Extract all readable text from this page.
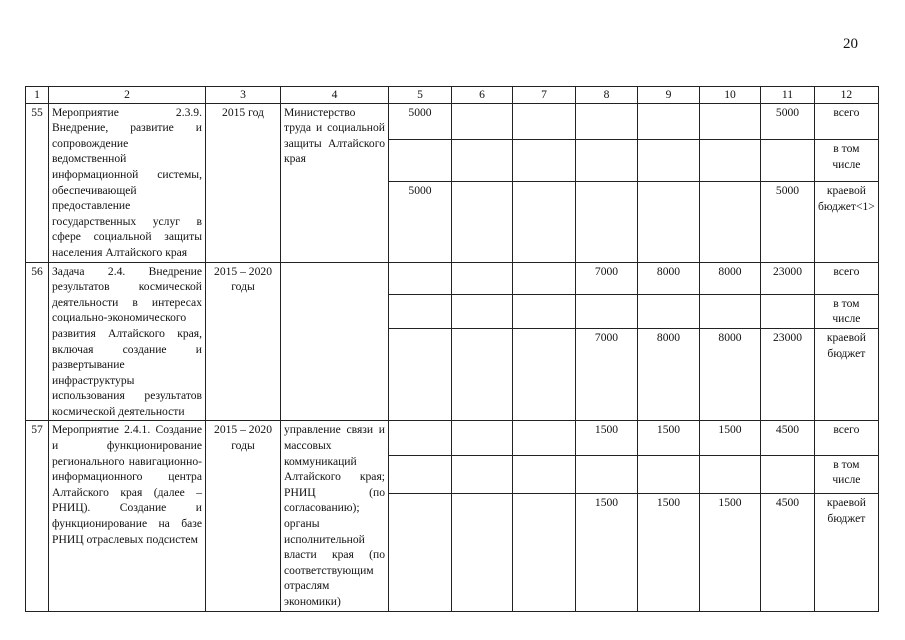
20
1	2	3	4	5	6	7	8	9	10	11	12
55	Мероприятие 2.3.9. Внедрение, развитие и сопровождение ведомственной информационной системы, обеспечивающей предоставление государственных услуг в сфере социальной защиты населения Алтайского края	2015 год	Министерство труда и социальной защиты Алтайского края	5000						5000	всего
											в том числе
				5000						5000	краевой бюджет<1>
56	Задача 2.4. Внедрение результатов космической деятельности в интересах социально-экономического развития Алтайского края, включая создание и развертывание инфраструктуры использования результатов космической деятельности	2015 – 2020 годы					7000	8000	8000	23000	всего
											в том числе
							7000	8000	8000	23000	краевой бюджет
57	Мероприятие 2.4.1. Создание и функционирование регионального навигационно-информационного центра Алтайского края (далее – РНИЦ). Создание и функционирование на базе РНИЦ отраслевых подсистем	2015 – 2020 годы	управление связи и массовых коммуникаций Алтайского края; РНИЦ (по согласованию); органы исполнительной власти края (по соответствующим отраслям экономики)				1500	1500	1500	4500	всего
											в том числе
							1500	1500	1500	4500	краевой бюджет
